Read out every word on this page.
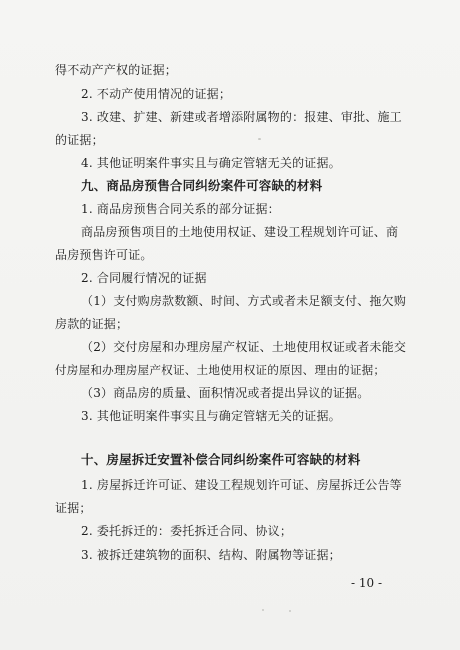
得不动产产权的证据；
2. 不动产使用情况的证据；
3. 改建、扩建、新建或者增添附属物的：报建、审批、施工
的证据；
4. 其他证明案件事实且与确定管辖无关的证据。
九、商品房预售合同纠纷案件可容缺的材料
1. 商品房预售合同关系的部分证据：
商品房预售项目的土地使用权证、建设工程规划许可证、商
品房预售许可证。
2. 合同履行情况的证据
（1）支付购房款数额、时间、方式或者未足额支付、拖欠购
房款的证据；
（2）交付房屋和办理房屋产权证、土地使用权证或者未能交
付房屋和办理房屋产权证、土地使用权证的原因、理由的证据；
（3）商品房的质量、面积情况或者提出异议的证据。
3. 其他证明案件事实且与确定管辖无关的证据。
十、房屋拆迁安置补偿合同纠纷案件可容缺的材料
1. 房屋拆迁许可证、建设工程规划许可证、房屋拆迁公告等
证据；
2. 委托拆迁的：委托拆迁合同、协议；
3. 被拆迁建筑物的面积、结构、附属物等证据；
- 10 -
